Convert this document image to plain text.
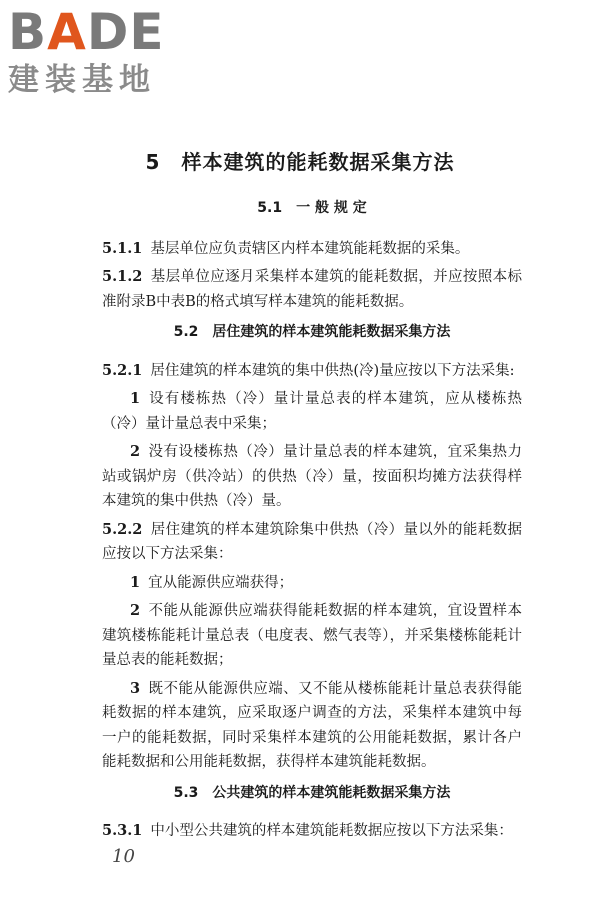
BADE
建装基地
5　样本建筑的能耗数据采集方法
5.1　一 般 规 定

5.1.1 基层单位应负责辖区内样本建筑能耗数据的采集。

5.1.2 基层单位应逐月采集样本建筑的能耗数据，并应按照本标准附录B中表B的格式填写样本建筑的能耗数据。

5.2　居住建筑的样本建筑能耗数据采集方法

5.2.1 居住建筑的样本建筑的集中供热(冷)量应按以下方法采集:

1 设有楼栋热（冷）量计量总表的样本建筑，应从楼栋热（冷）量计量总表中采集；

2 没有设楼栋热（冷）量计量总表的样本建筑，宜采集热力站或锅炉房（供冷站）的供热（冷）量，按面积均摊方法获得样本建筑的集中供热（冷）量。

5.2.2 居住建筑的样本建筑除集中供热（冷）量以外的能耗数据应按以下方法采集：

1 宜从能源供应端获得；

2 不能从能源供应端获得能耗数据的样本建筑，宜设置样本建筑楼栋能耗计量总表（电度表、燃气表等），并采集楼栋能耗计量总表的能耗数据；

3 既不能从能源供应端、又不能从楼栋能耗计量总表获得能耗数据的样本建筑，应采取逐户调查的方法，采集样本建筑中每一户的能耗数据，同时采集样本建筑的公用能耗数据，累计各户能耗数据和公用能耗数据，获得样本建筑能耗数据。

5.3　公共建筑的样本建筑能耗数据采集方法

5.3.1 中小型公共建筑的样本建筑能耗数据应按以下方法采集：

10
